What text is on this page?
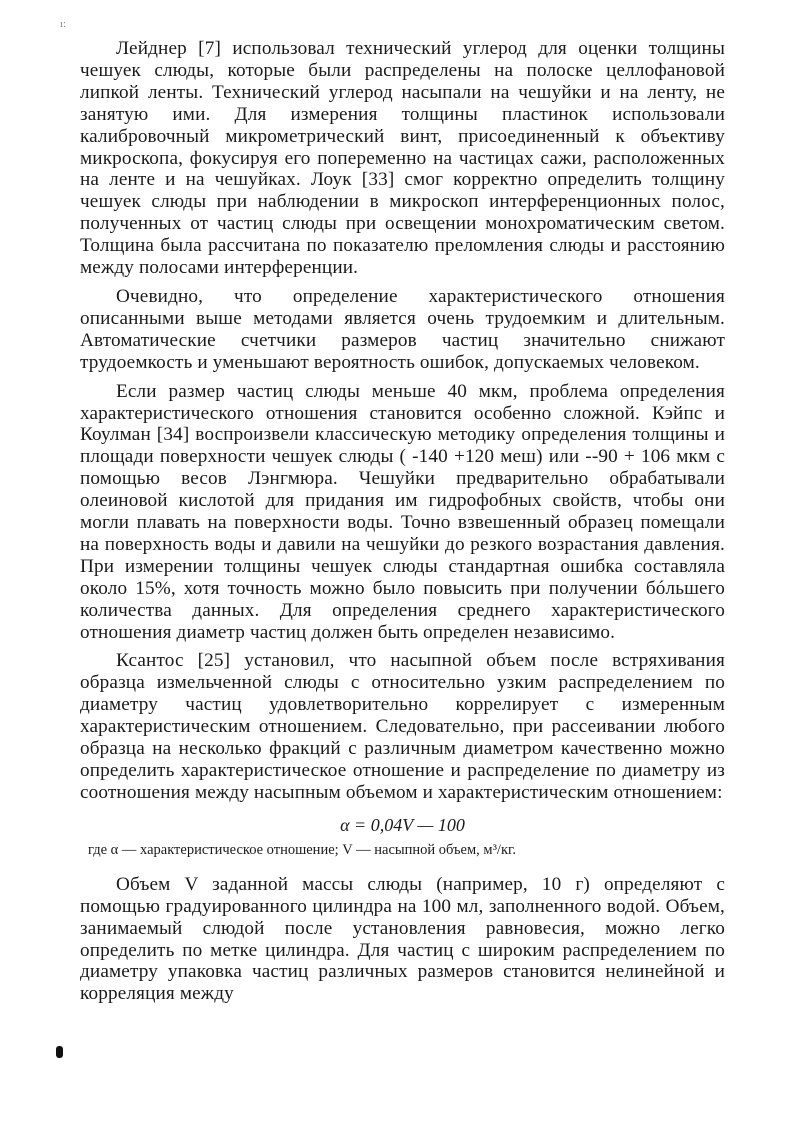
ı:

Лейднер [7] использовал технический углерод для оценки толщины чешуек слюды, которые были распределены на полоске целлофановой липкой ленты. Технический углерод насыпали на чешуйки и на ленту, не занятую ими. Для измерения толщины пластинок использовали калибровочный микрометрический винт, присоединенный к объективу микроскопа, фокусируя его попеременно на частицах сажи, расположенных на ленте и на чешуйках. Лоук [33] смог корректно определить толщину чешуек слюды при наблюдении в микроскоп интерференционных полос, полученных от частиц слюды при освещении монохроматическим светом. Толщина была рассчитана по показателю преломления слюды и расстоянию между полосами интерференции.

Очевидно, что определение характеристического отношения описанными выше методами является очень трудоемким и длительным. Автоматические счетчики размеров частиц значительно снижают трудоемкость и уменьшают вероятность ошибок, допускаемых человеком.

Если размер частиц слюды меньше 40 мкм, проблема определения характеристического отношения становится особенно сложной. Кэйпс и Коулман [34] воспроизвели классическую методику определения толщины и площади поверхности чешуек слюды ( -140 +120 меш) или --90 + 106 мкм с помощью весов Лэнгмюра. Чешуйки предварительно обрабатывали олеиновой кислотой для придания им гидрофобных свойств, чтобы они могли плавать на поверхности воды. Точно взвешенный образец помещали на поверхность воды и давили на чешуйки до резкого возрастания давления. При измерении толщины чешуек слюды стандартная ошибка составляла около 15%, хотя точность можно было повысить при получении бóльшего количества данных. Для определения среднего характеристического отношения диаметр частиц должен быть определен независимо.

Ксантос [25] установил, что насыпной объем после встряхивания образца измельченной слюды с относительно узким распределением по диаметру частиц удовлетворительно коррелирует с измеренным характеристическим отношением. Следовательно, при рассеивании любого образца на несколько фракций с различным диаметром качественно можно определить характеристическое отношение и распределение по диаметру из соотношения между насыпным объемом и характеристическим отношением:

α = 0,04V — 100
где α — характеристическое отношение; V — насыпной объем, м³/кг.

Объем V заданной массы слюды (например, 10 г) определяют с помощью градуированного цилиндра на 100 мл, заполненного водой. Объем, занимаемый слюдой после установления равновесия, можно легко определить по метке цилиндра. Для частиц с широким распределением по диаметру упаковка частиц различных размеров становится нелинейной и корреляция между
